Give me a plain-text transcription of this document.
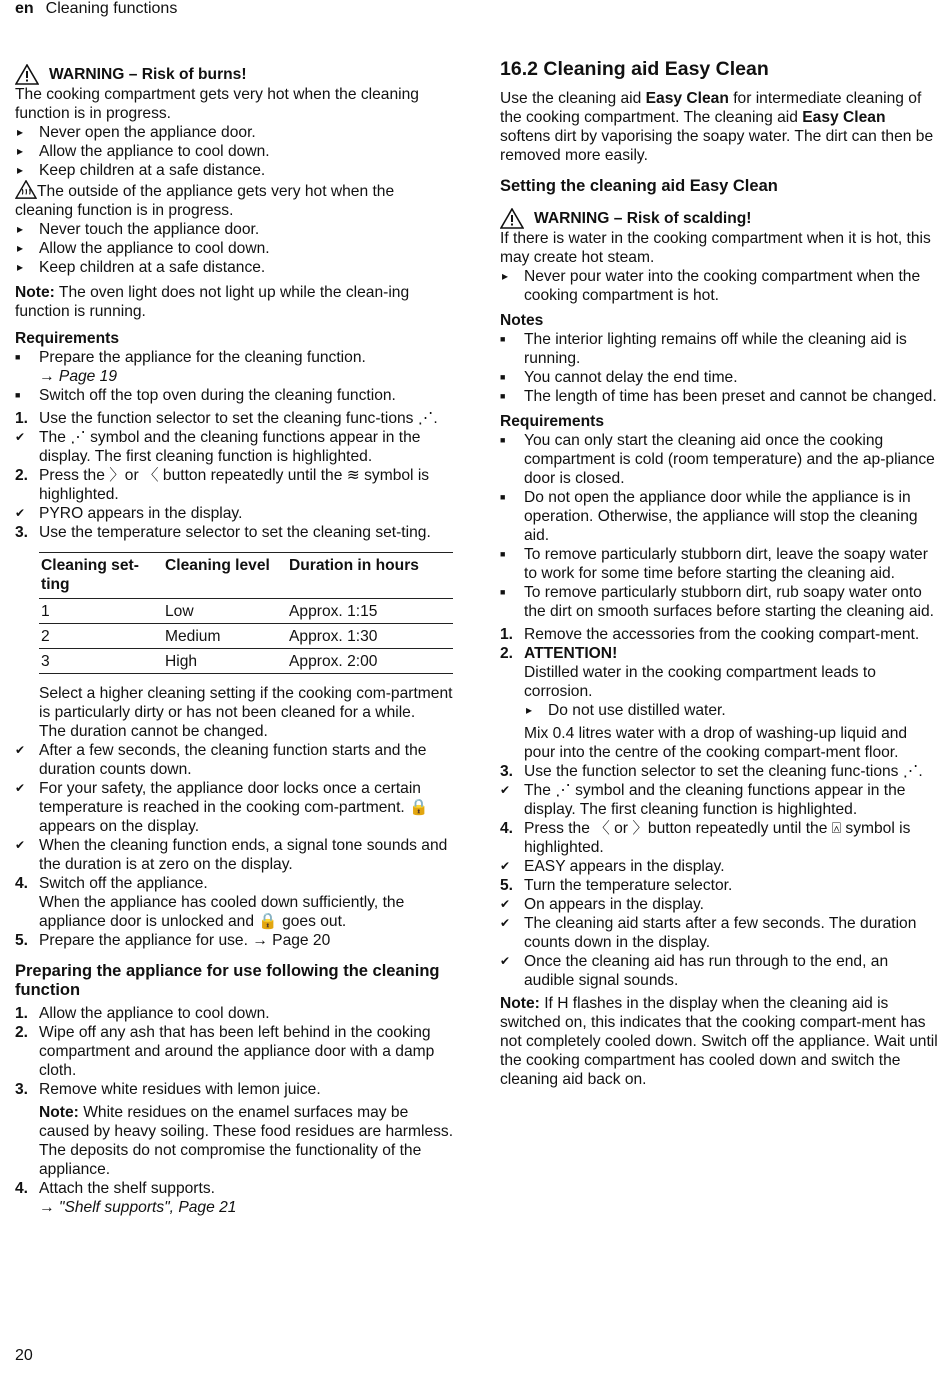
en Cleaning functions
WARNING – Risk of burns!

The cooking compartment gets very hot when the cleaning function is in progress.

▸ Never open the appliance door.
▸ Allow the appliance to cool down.
▸ Keep children at a safe distance.

The outside of the appliance gets very hot when the cleaning function is in progress.

▸ Never touch the appliance door.
▸ Allow the appliance to cool down.
▸ Keep children at a safe distance.

Note: The oven light does not light up while the clean-ing function is running.

Requirements

■ Prepare the appliance for the cleaning function.
→ Page 19
■ Switch off the top oven during the cleaning function.
1. Use the function selector to set the cleaning func-tions ⋰.
✔ The ⋰ symbol and the cleaning functions appear in the display. The first cleaning function is highlighted.
2. Press the 〉or 〈 button repeatedly until the ≋ symbol is highlighted.
✔ PYRO appears in the display.
3. Use the temperature selector to set the cleaning set-ting.
Cleaning set-ting	Cleaning level	Duration in hours
1	Low	Approx. 1:15
2	Medium	Approx. 1:30
3	High	Approx. 2:00

Select a higher cleaning setting if the cooking com-partment is particularly dirty or has not been cleaned for a while.

The duration cannot be changed.

✔ After a few seconds, the cleaning function starts and the duration counts down.
✔ For your safety, the appliance door locks once a certain temperature is reached in the cooking com-partment. 🔒 appears on the display.
✔ When the cleaning function ends, a signal tone sounds and the duration is at zero on the display.
4. Switch off the appliance.
When the appliance has cooled down sufficiently, the appliance door is unlocked and 🔒 goes out.
5. Prepare the appliance for use. → Page 20

Preparing the appliance for use following the cleaning function

1. Allow the appliance to cool down.
2. Wipe off any ash that has been left behind in the cooking compartment and around the appliance door with a damp cloth.
3. Remove white residues with lemon juice.

Note: White residues on the enamel surfaces may be caused by heavy soiling. These food residues are harmless. The deposits do not compromise the functionality of the appliance.

4. Attach the shelf supports.
→ "Shelf supports", Page 21

16.2 Cleaning aid Easy Clean

Use the cleaning aid Easy Clean for intermediate cleaning of the cooking compartment. The cleaning aid Easy Clean softens dirt by vaporising the soapy water. The dirt can then be removed more easily.

Setting the cleaning aid Easy Clean

WARNING – Risk of scalding!

If there is water in the cooking compartment when it is hot, this may create hot steam.

▸ Never pour water into the cooking compartment when the cooking compartment is hot.

Notes

■ The interior lighting remains off while the cleaning aid is running.
■ You cannot delay the end time.
■ The length of time has been preset and cannot be changed.

Requirements

■ You can only start the cleaning aid once the cooking compartment is cold (room temperature) and the ap-pliance door is closed.
■ Do not open the appliance door while the appliance is in operation. Otherwise, the appliance will stop the cleaning aid.
■ To remove particularly stubborn dirt, leave the soapy water to work for some time before starting the cleaning aid.
■ To remove particularly stubborn dirt, rub soapy water onto the dirt on smooth surfaces before starting the cleaning aid.
1. Remove the accessories from the cooking compart-ment.
2. ATTENTION!
Distilled water in the cooking compartment leads to corrosion.
▸ Do not use distilled water.

Mix 0.4 litres water with a drop of washing-up liquid and pour into the centre of the cooking compart-ment floor.

3. Use the function selector to set the cleaning func-tions ⋰.
✔ The ⋰ symbol and the cleaning functions appear in the display. The first cleaning function is highlighted.
4. Press the 〈 or 〉button repeatedly until the ⍓ symbol is highlighted.
✔ EASY appears in the display.
5. Turn the temperature selector.
✔ On appears in the display.
✔ The cleaning aid starts after a few seconds. The duration counts down in the display.
✔ Once the cleaning aid has run through to the end, an audible signal sounds.

Note: If H flashes in the display when the cleaning aid is switched on, this indicates that the cooking compart-ment has not completely cooled down. Switch off the appliance. Wait until the cooking compartment has cooled down and switch the cleaning aid back on.

20
